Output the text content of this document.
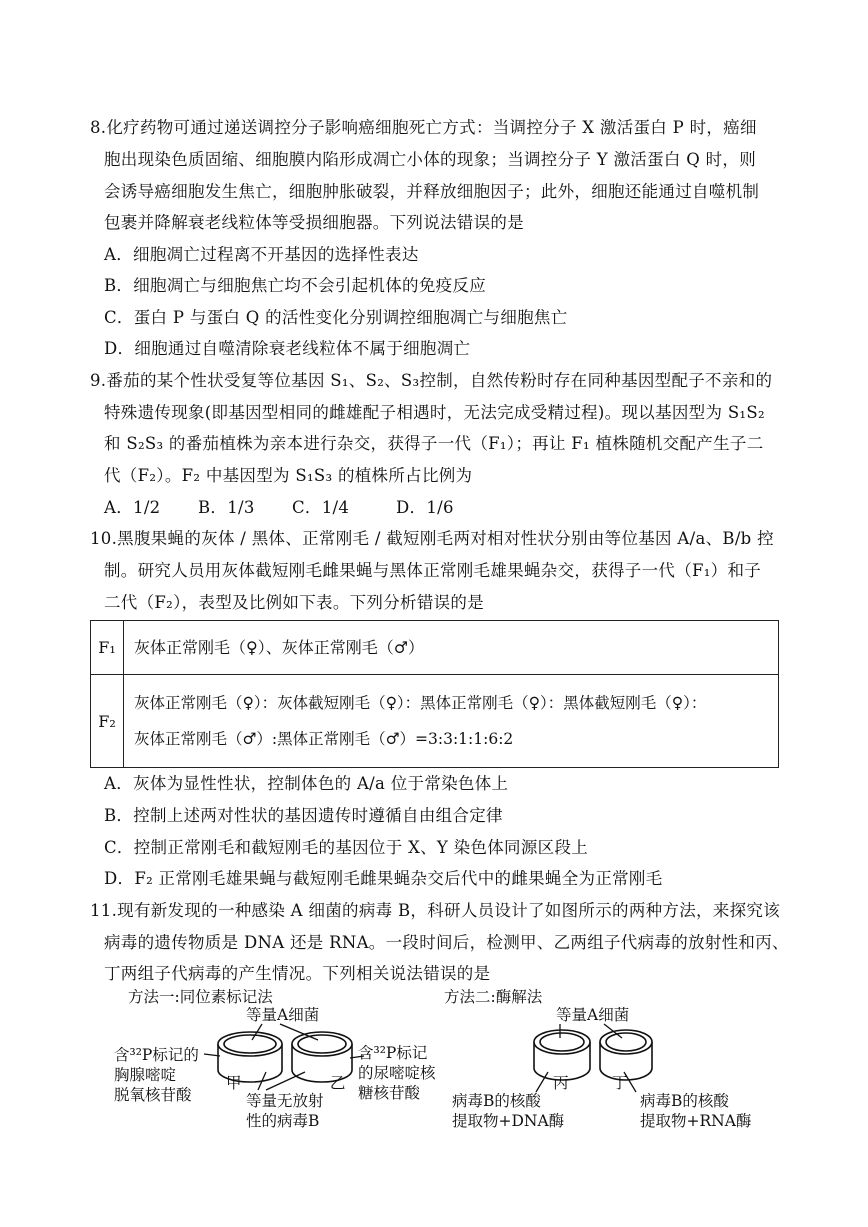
8.化疗药物可通过递送调控分子影响癌细胞死亡方式：当调控分子 X 激活蛋白 P 时，癌细
胞出现染色质固缩、细胞膜内陷形成凋亡小体的现象；当调控分子 Y 激活蛋白 Q 时，则
会诱导癌细胞发生焦亡，细胞肿胀破裂，并释放细胞因子；此外，细胞还能通过自噬机制
包裹并降解衰老线粒体等受损细胞器。下列说法错误的是
A．细胞凋亡过程离不开基因的选择性表达
B．细胞凋亡与细胞焦亡均不会引起机体的免疫反应
C．蛋白 P 与蛋白 Q 的活性变化分别调控细胞凋亡与细胞焦亡
D．细胞通过自噬清除衰老线粒体不属于细胞凋亡
9.番茄的某个性状受复等位基因 S₁、S₂、S₃控制，自然传粉时存在同种基因型配子不亲和的
特殊遗传现象(即基因型相同的雌雄配子相遇时，无法完成受精过程)。现以基因型为 S₁S₂
和 S₂S₃ 的番茄植株为亲本进行杂交，获得子一代（F₁）；再让 F₁ 植株随机交配产生子二
代（F₂）。F₂ 中基因型为 S₁S₃ 的植株所占比例为
A．1/2 B．1/3 C．1/4	D．1/6
10.黑腹果蝇的灰体 / 黑体、正常刚毛 / 截短刚毛两对相对性状分别由等位基因 A/a、B/b 控
制。研究人员用灰体截短刚毛雌果蝇与黑体正常刚毛雄果蝇杂交，获得子一代（F₁）和子
二代（F₂），表型及比例如下表。下列分析错误的是
F₁	灰体正常刚毛（♀）、灰体正常刚毛（♂）
F₂	灰体正常刚毛（♀）：灰体截短刚毛（♀）：黑体正常刚毛（♀）：黑体截短刚毛（♀）：
灰体正常刚毛（♂）:黑体正常刚毛（♂）=3:3:1:1:6:2
A．灰体为显性性状，控制体色的 A/a 位于常染色体上
B．控制上述两对性状的基因遗传时遵循自由组合定律
C．控制正常刚毛和截短刚毛的基因位于 X、Y 染色体同源区段上
D．F₂ 正常刚毛雄果蝇与截短刚毛雌果蝇杂交后代中的雌果蝇全为正常刚毛
11.现有新发现的一种感染 A 细菌的病毒 B，科研人员设计了如图所示的两种方法，来探究该
病毒的遗传物质是 DNA 还是 RNA。一段时间后，检测甲、乙两组子代病毒的放射性和丙、
丁两组子代病毒的产生情况。下列相关说法错误的是
方法一:同位素标记法	方法二:酶解法
等量A细菌	等量A细菌
含³²P标记的
胸腺嘧啶
脱氧核苷酸
甲	乙
等量无放射
性的病毒B
含³²P标记
的尿嘧啶核
糖核苷酸
丙	丁
病毒B的核酸
提取物+DNA酶
病毒B的核酸
提取物+RNA酶
